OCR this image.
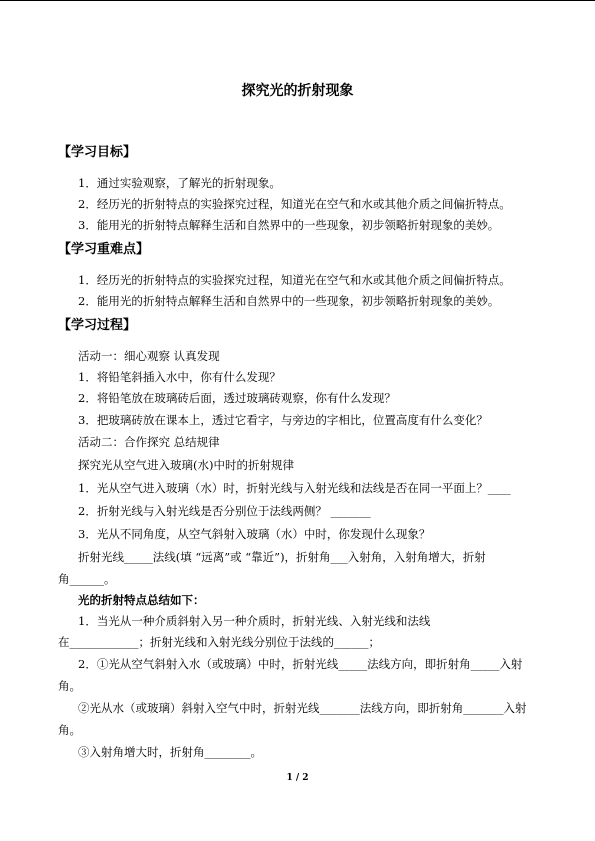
探究光的折射现象
【学习目标】
1．通过实验观察，了解光的折射现象。
2．经历光的折射特点的实验探究过程，知道光在空气和水或其他介质之间偏折特点。
3．能用光的折射特点解释生活和自然界中的一些现象，初步领略折射现象的美妙。
【学习重难点】
1．经历光的折射特点的实验探究过程，知道光在空气和水或其他介质之间偏折特点。
2．能用光的折射特点解释生活和自然界中的一些现象，初步领略折射现象的美妙。
【学习过程】
活动一：细心观察 认真发现
1．将铅笔斜插入水中，你有什么发现？
2．将铅笔放在玻璃砖后面，透过玻璃砖观察，你有什么发现？
3．把玻璃砖放在课本上，透过它看字，与旁边的字相比，位置高度有什么变化？
活动二：合作探究 总结规律
探究光从空气进入玻璃(水)中时的折射规律
1．光从空气进入玻璃（水）时，折射光线与入射光线和法线是否在同一平面上？____
2．折射光线与入射光线是否分别位于法线两侧？ _______
3．光从不同角度，从空气斜射入玻璃（水）中时，你发现什么现象？
折射光线_____法线(填 “远离”或 “靠近”)，折射角___入射角，入射角增大，折射
角______。
光的折射特点总结如下：
1．当光从一种介质斜射入另一种介质时，折射光线、入射光线和法线
在____________；折射光线和入射光线分别位于法线的______；
2．①光从空气斜射入水（或玻璃）中时，折射光线_____法线方向，即折射角_____入射
角。
②光从水（或玻璃）斜射入空气中时，折射光线_______法线方向，即折射角_______入射
角。
③入射角增大时，折射角________。
1 / 2
